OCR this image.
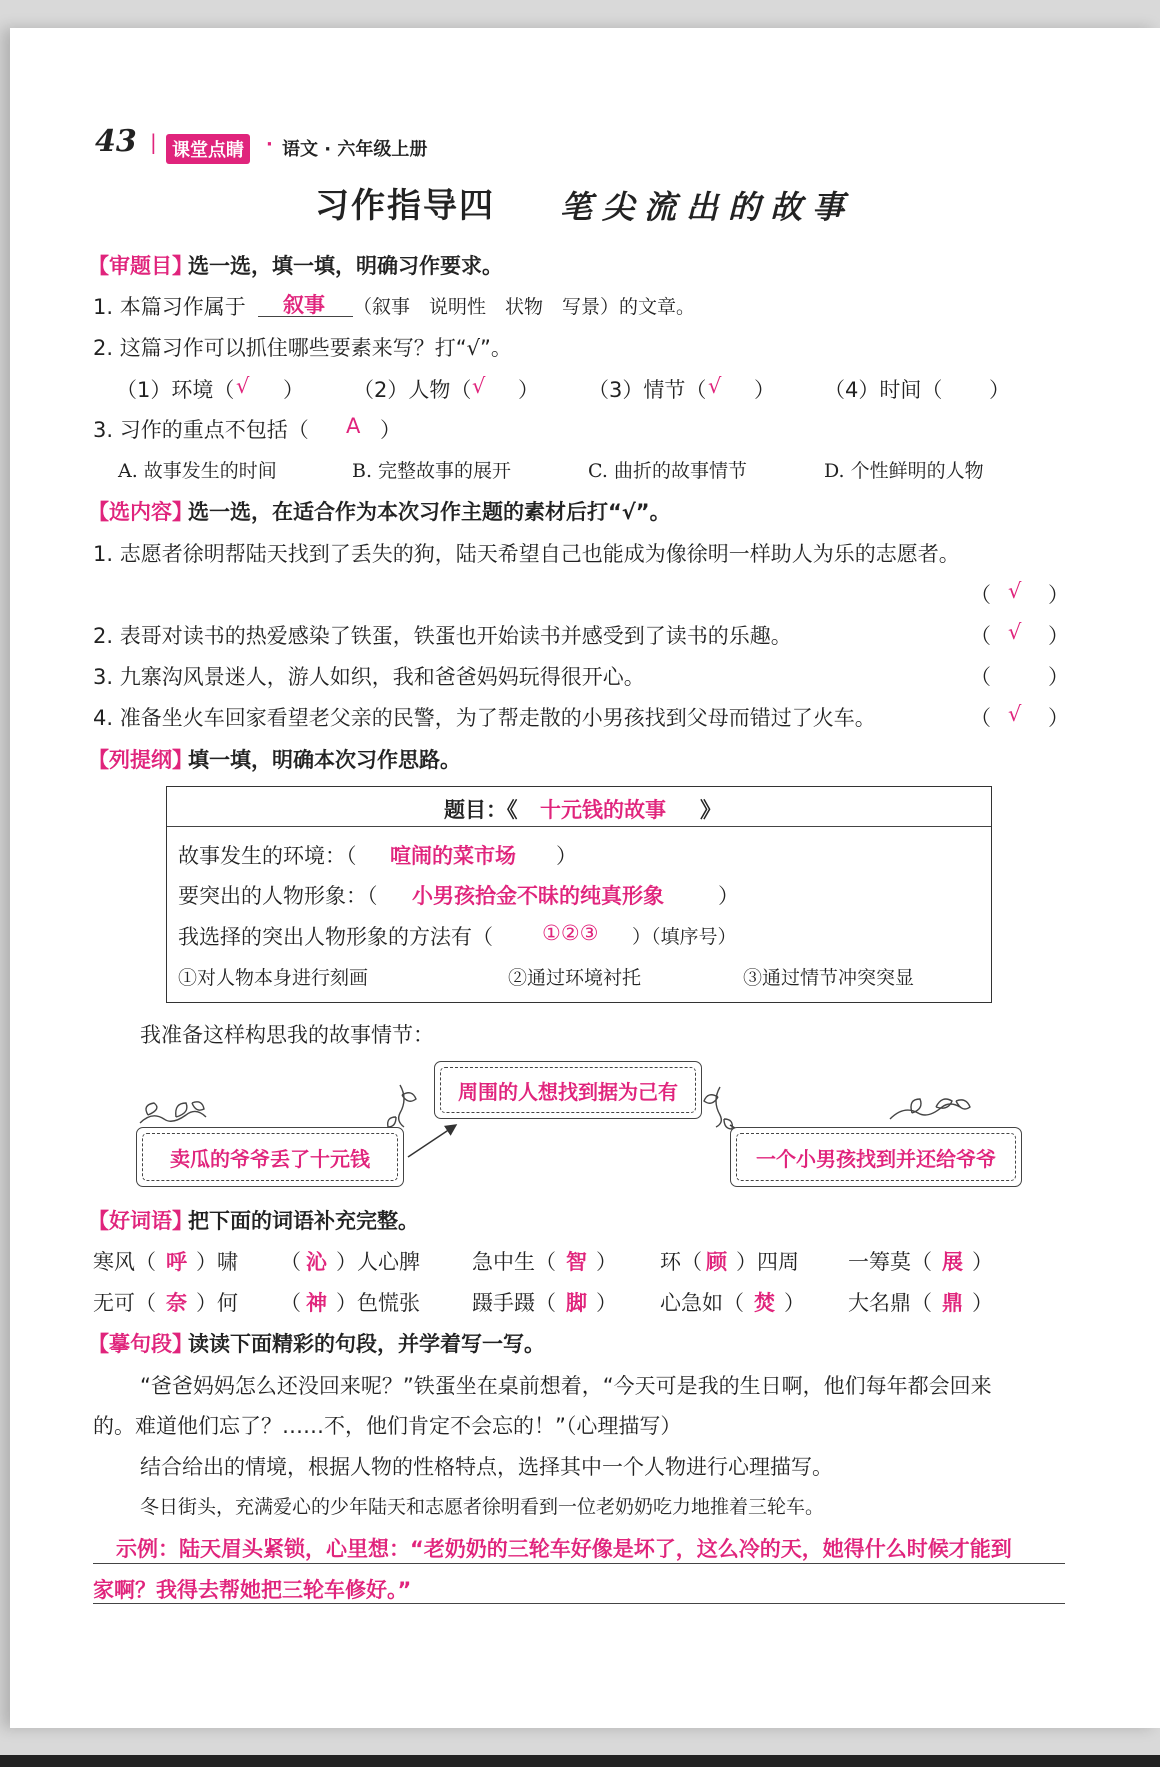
43 | 课堂点睛	· 语文 · 六年级上册
习作指导四 笔尖流出的故事
【审题目】
选一选，填一填，明确习作要求。
1. 本篇习作属于 叙事 （叙事　说明性　状物　写景）的文章。
2. 这篇习作可以抓住哪些要素来写？打“√”。
（1）环境（ √ ） （2）人物（ √ ） （3）情节（ √ ） （4）时间（ ）
3. 习作的重点不包括（ A ）
A. 故事发生的时间	B. 完整故事的展开	C. 曲折的故事情节	D. 个性鲜明的人物
【选内容】
选一选，在适合作为本次习作主题的素材后打“√”。
1. 志愿者徐明帮陆天找到了丢失的狗，陆天希望自己也能成为像徐明一样助人为乐的志愿者。
（ √ ）
2. 表哥对读书的热爱感染了铁蛋，铁蛋也开始读书并感受到了读书的乐趣。	（ √ ）
3. 九寨沟风景迷人，游人如织，我和爸爸妈妈玩得很开心。	（	）
4. 准备坐火车回家看望老父亲的民警，为了帮走散的小男孩找到父母而错过了火车。	（ √ ）
【列提纲】
填一填，明确本次习作思路。
题目：《 十元钱的故事 》
故事发生的环境：（ 喧闹的菜市场 ）
要突出的人物形象：（ 小男孩拾金不昧的纯真形象	）
我选择的突出人物形象的方法有（ ①②③ ）（填序号）
①对人物本身进行刻画	②通过环境衬托	③通过情节冲突突显
我准备这样构思我的故事情节：
卖瓜的爷爷丢了十元钱
周围的人想找到据为己有
一个小男孩找到并还给爷爷
【好词语】
把下面的词语补充完整。
寒风（ 呼 ）啸 （ 沁 ）人心脾 急中生（ 智 ） 环（ 顾 ）四周 一筹莫（ 展 ）
无可（ 奈 ）何 （ 神 ）色慌张 蹑手蹑（ 脚 ） 心急如（ 焚 ） 大名鼎（ 鼎 ）
【摹句段】
读读下面精彩的句段，并学着写一写。
“爸爸妈妈怎么还没回来呢？”铁蛋坐在桌前想着，“今天可是我的生日啊，他们每年都会回来
的。难道他们忘了？……不，他们肯定不会忘的！”（心理描写）
结合给出的情境，根据人物的性格特点，选择其中一个人物进行心理描写。
冬日街头，充满爱心的少年陆天和志愿者徐明看到一位老奶奶吃力地推着三轮车。
示例：陆天眉头紧锁，心里想：“老奶奶的三轮车好像是坏了，这么冷的天，她得什么时候才能到
家啊？我得去帮她把三轮车修好。”
